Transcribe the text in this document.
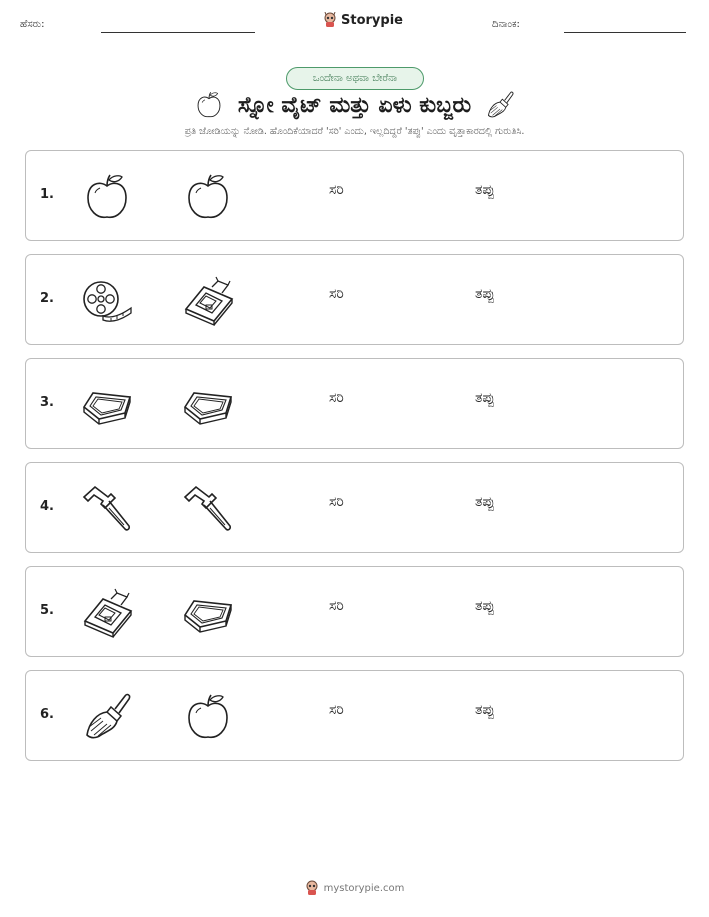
ಹೆಸರು:	Storypie	ದಿನಾಂಕ:
ಒಂದೇನಾ ಅಥವಾ ಬೇರೆನಾ
ಸ್ನೋ ವೈಟ್ ಮತ್ತು ಏಳು ಕುಬ್ಜರು
ಪ್ರತಿ ಜೋಡಿಯನ್ನು ನೋಡಿ. ಹೊಂದಿಕೆಯಾದರೆ 'ಸರಿ' ಎಂದು, ಇಲ್ಲದಿದ್ದರೆ 'ತಪ್ಪು' ಎಂದು ವೃತ್ತಾಕಾರದಲ್ಲಿ ಗುರುತಿಸಿ.
1.	ಸರಿ	ತಪ್ಪು
2.	ಸರಿ	ತಪ್ಪು
3.	ಸರಿ	ತಪ್ಪು
4.	ಸರಿ	ತಪ್ಪು
5.	ಸರಿ	ತಪ್ಪು
6.	ಸರಿ	ತಪ್ಪು
mystorypie.com
